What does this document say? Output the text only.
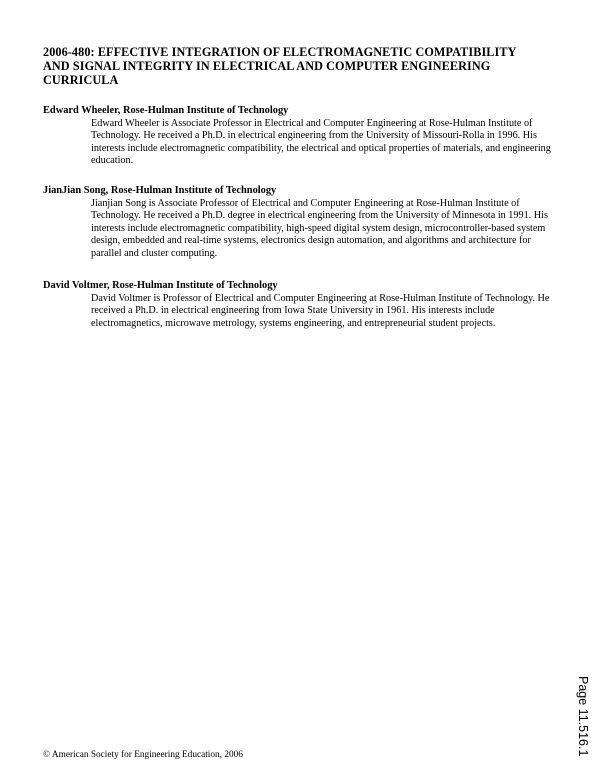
2006-480: EFFECTIVE INTEGRATION OF ELECTROMAGNETIC COMPATIBILITY AND SIGNAL INTEGRITY IN ELECTRICAL AND COMPUTER ENGINEERING CURRICULA

Edward Wheeler, Rose-Hulman Institute of Technology

Edward Wheeler is Associate Professor in Electrical and Computer Engineering at Rose-Hulman Institute of Technology. He received a Ph.D. in electrical engineering from the University of Missouri-Rolla in 1996. His interests include electromagnetic compatibility, the electrical and optical properties of materials, and engineering education.

JianJian Song, Rose-Hulman Institute of Technology

Jianjian Song is Associate Professor of Electrical and Computer Engineering at Rose-Hulman Institute of Technology. He received a Ph.D. degree in electrical engineering from the University of Minnesota in 1991. His interests include electromagnetic compatibility, high-speed digital system design, microcontroller-based system design, embedded and real-time systems, electronics design automation, and algorithms and architecture for parallel and cluster computing.

David Voltmer, Rose-Hulman Institute of Technology

David Voltmer is Professor of Electrical and Computer Engineering at Rose-Hulman Institute of Technology. He received a Ph.D. in electrical engineering from Iowa State University in 1961. His interests include electromagnetics, microwave metrology, systems engineering, and entrepreneurial student projects.

Page 11.516.1
© American Society for Engineering Education, 2006
